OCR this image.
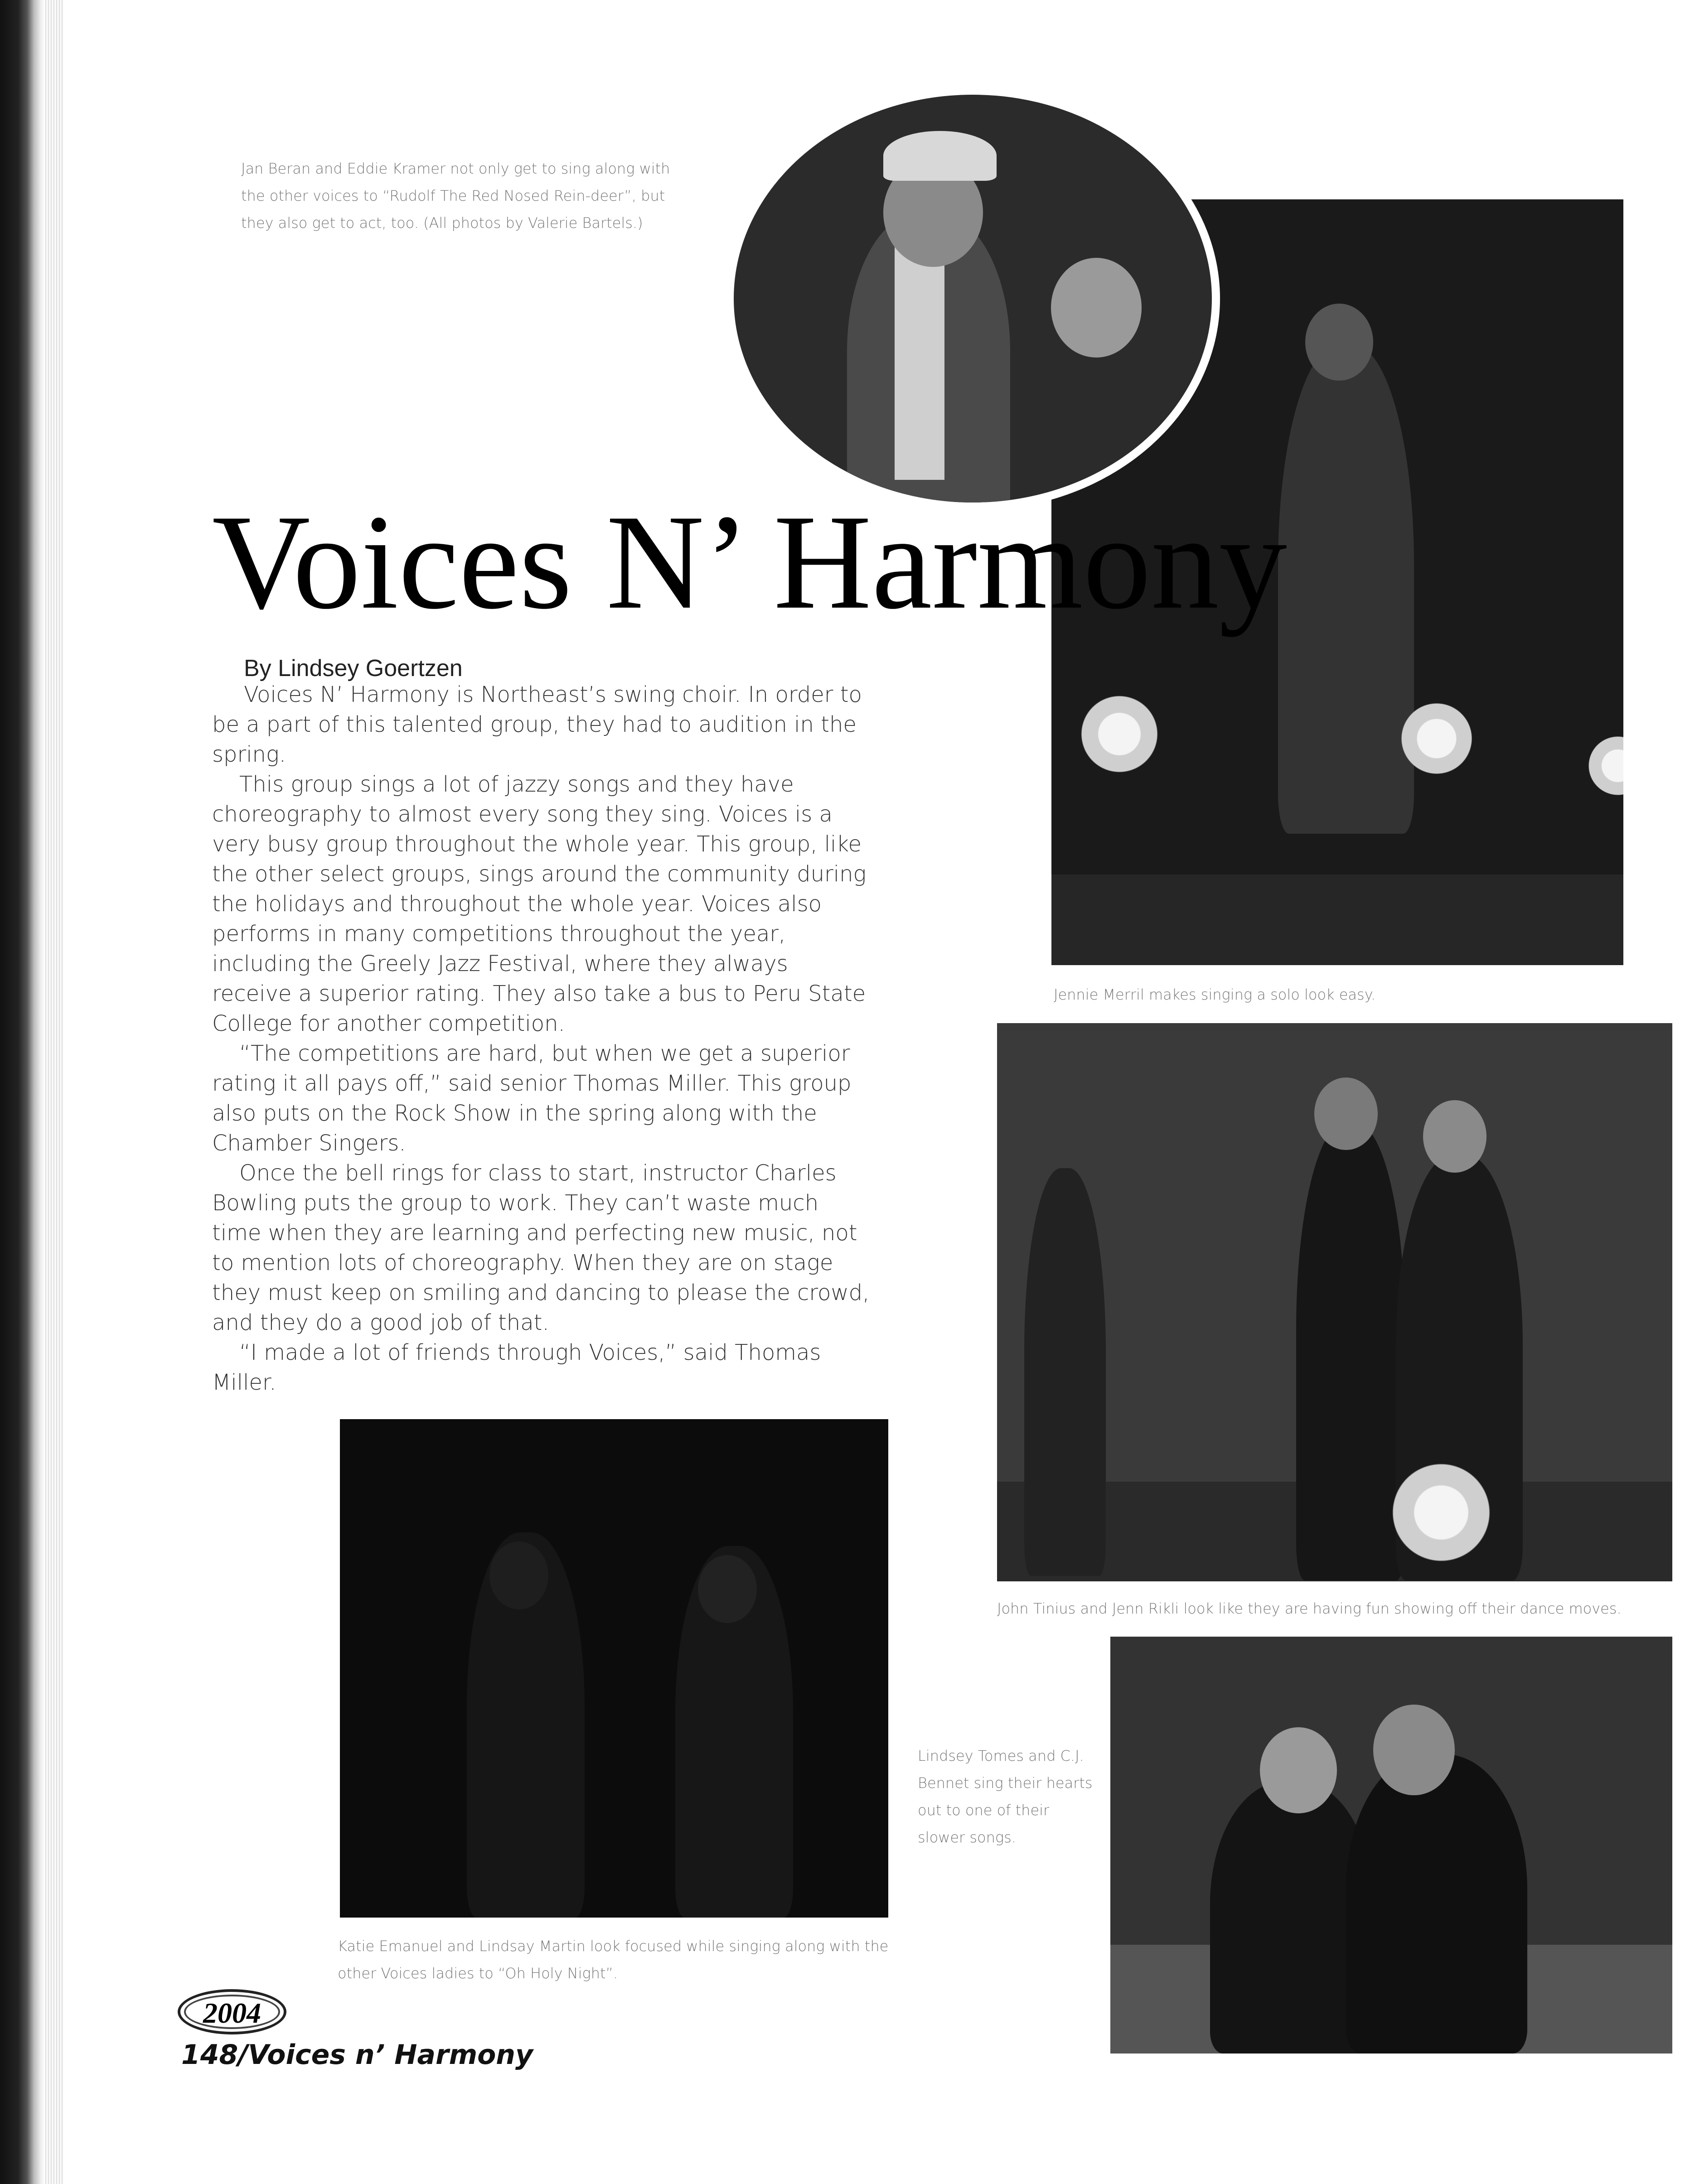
Jan Beran and Eddie Kramer not only get to sing along with the other voices to “Rudolf The Red Nosed Rein-deer”, but they also get to act, too. (All photos by Valerie Bartels.)
Voices N’ Harmony
Jennie Merril makes singing a solo look easy.
John Tinius and Jenn Rikli look like they are having fun showing off their dance moves.
Lindsey Tomes and C.J. Bennet sing their hearts out to one of their slower songs.
Katie Emanuel and Lindsay Martin look focused while singing along with the other Voices ladies to “Oh Holy Night”.
By Lindsey Goertzen

Voices N’ Harmony is Northeast’s swing choir. In order to be a part of this talented group, they had to audition in the spring.

This group sings a lot of jazzy songs and they have choreography to almost every song they sing. Voices is a very busy group throughout the whole year. This group, like the other select groups, sings around the community during the holidays and throughout the whole year. Voices also performs in many competitions throughout the year, including the Greely Jazz Festival, where they always receive a superior rating. They also take a bus to Peru State College for another competition.

“The competitions are hard, but when we get a superior rating it all pays off,” said senior Thomas Miller. This group also puts on the Rock Show in the spring along with the Chamber Singers.

Once the bell rings for class to start, instructor Charles Bowling puts the group to work. They can’t waste much time when they are learning and perfecting new music, not to mention lots of choreography. When they are on stage they must keep on smiling and dancing to please the crowd, and they do a good job of that.

“I made a lot of friends through Voices,” said Thomas Miller.

2004
148/Voices n’ Harmony
